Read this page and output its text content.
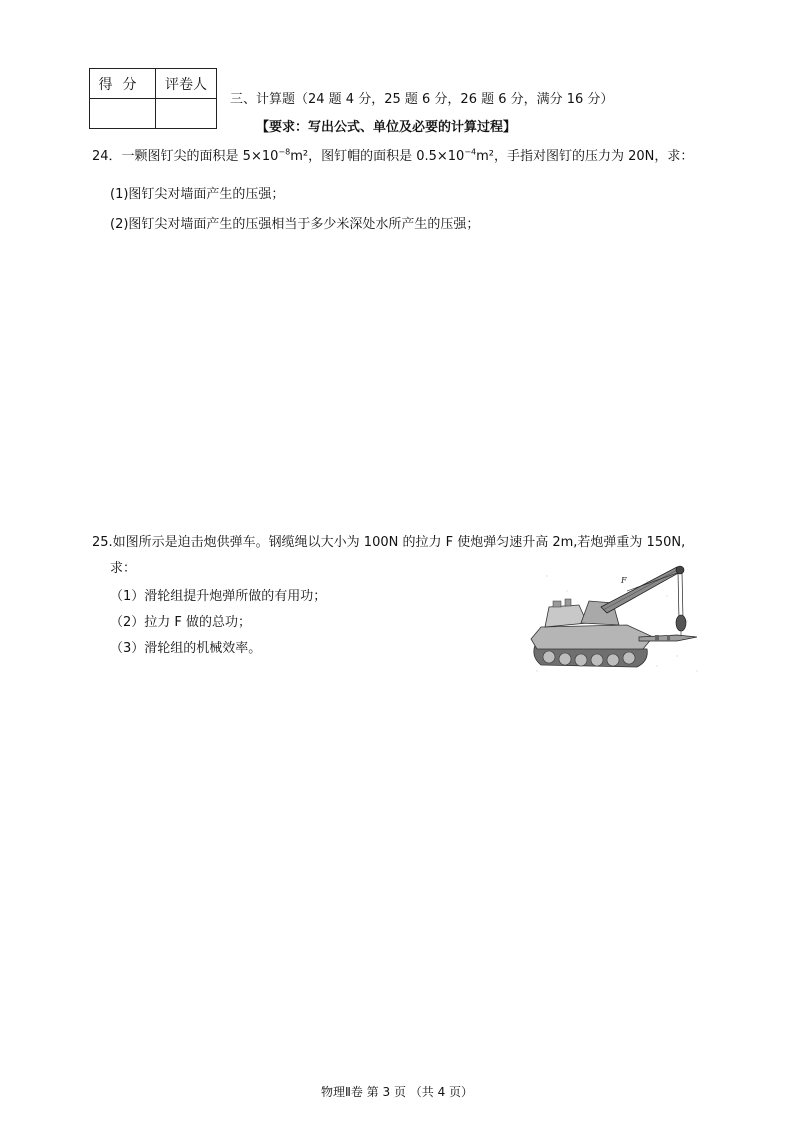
得分	评卷人

三、计算题（24 题 4 分，25 题 6 分，26 题 6 分，满分 16 分）
【要求：写出公式、单位及必要的计算过程】
24．一颗图钉尖的面积是 $5\times 10^{-8}m^2$，图钉帽的面积是 $0.5\times 10^{-4}m^2$，手指对图钉的压力为 20N，求：
(1)图钉尖对墙面产生的压强；
(2)图钉尖对墙面产生的压强相当于多少米深处水所产生的压强；
25.如图所示是迫击炮供弹车。钢缆绳以大小为 100N 的拉力 F 使炮弹匀速升高 2m,若炮弹重为 150N,
求：
（1）滑轮组提升炮弹所做的有用功；
（2）拉力 F 做的总功；
（3）滑轮组的机械效率。
F
物理Ⅱ卷 第 3 页 （共 4 页）
